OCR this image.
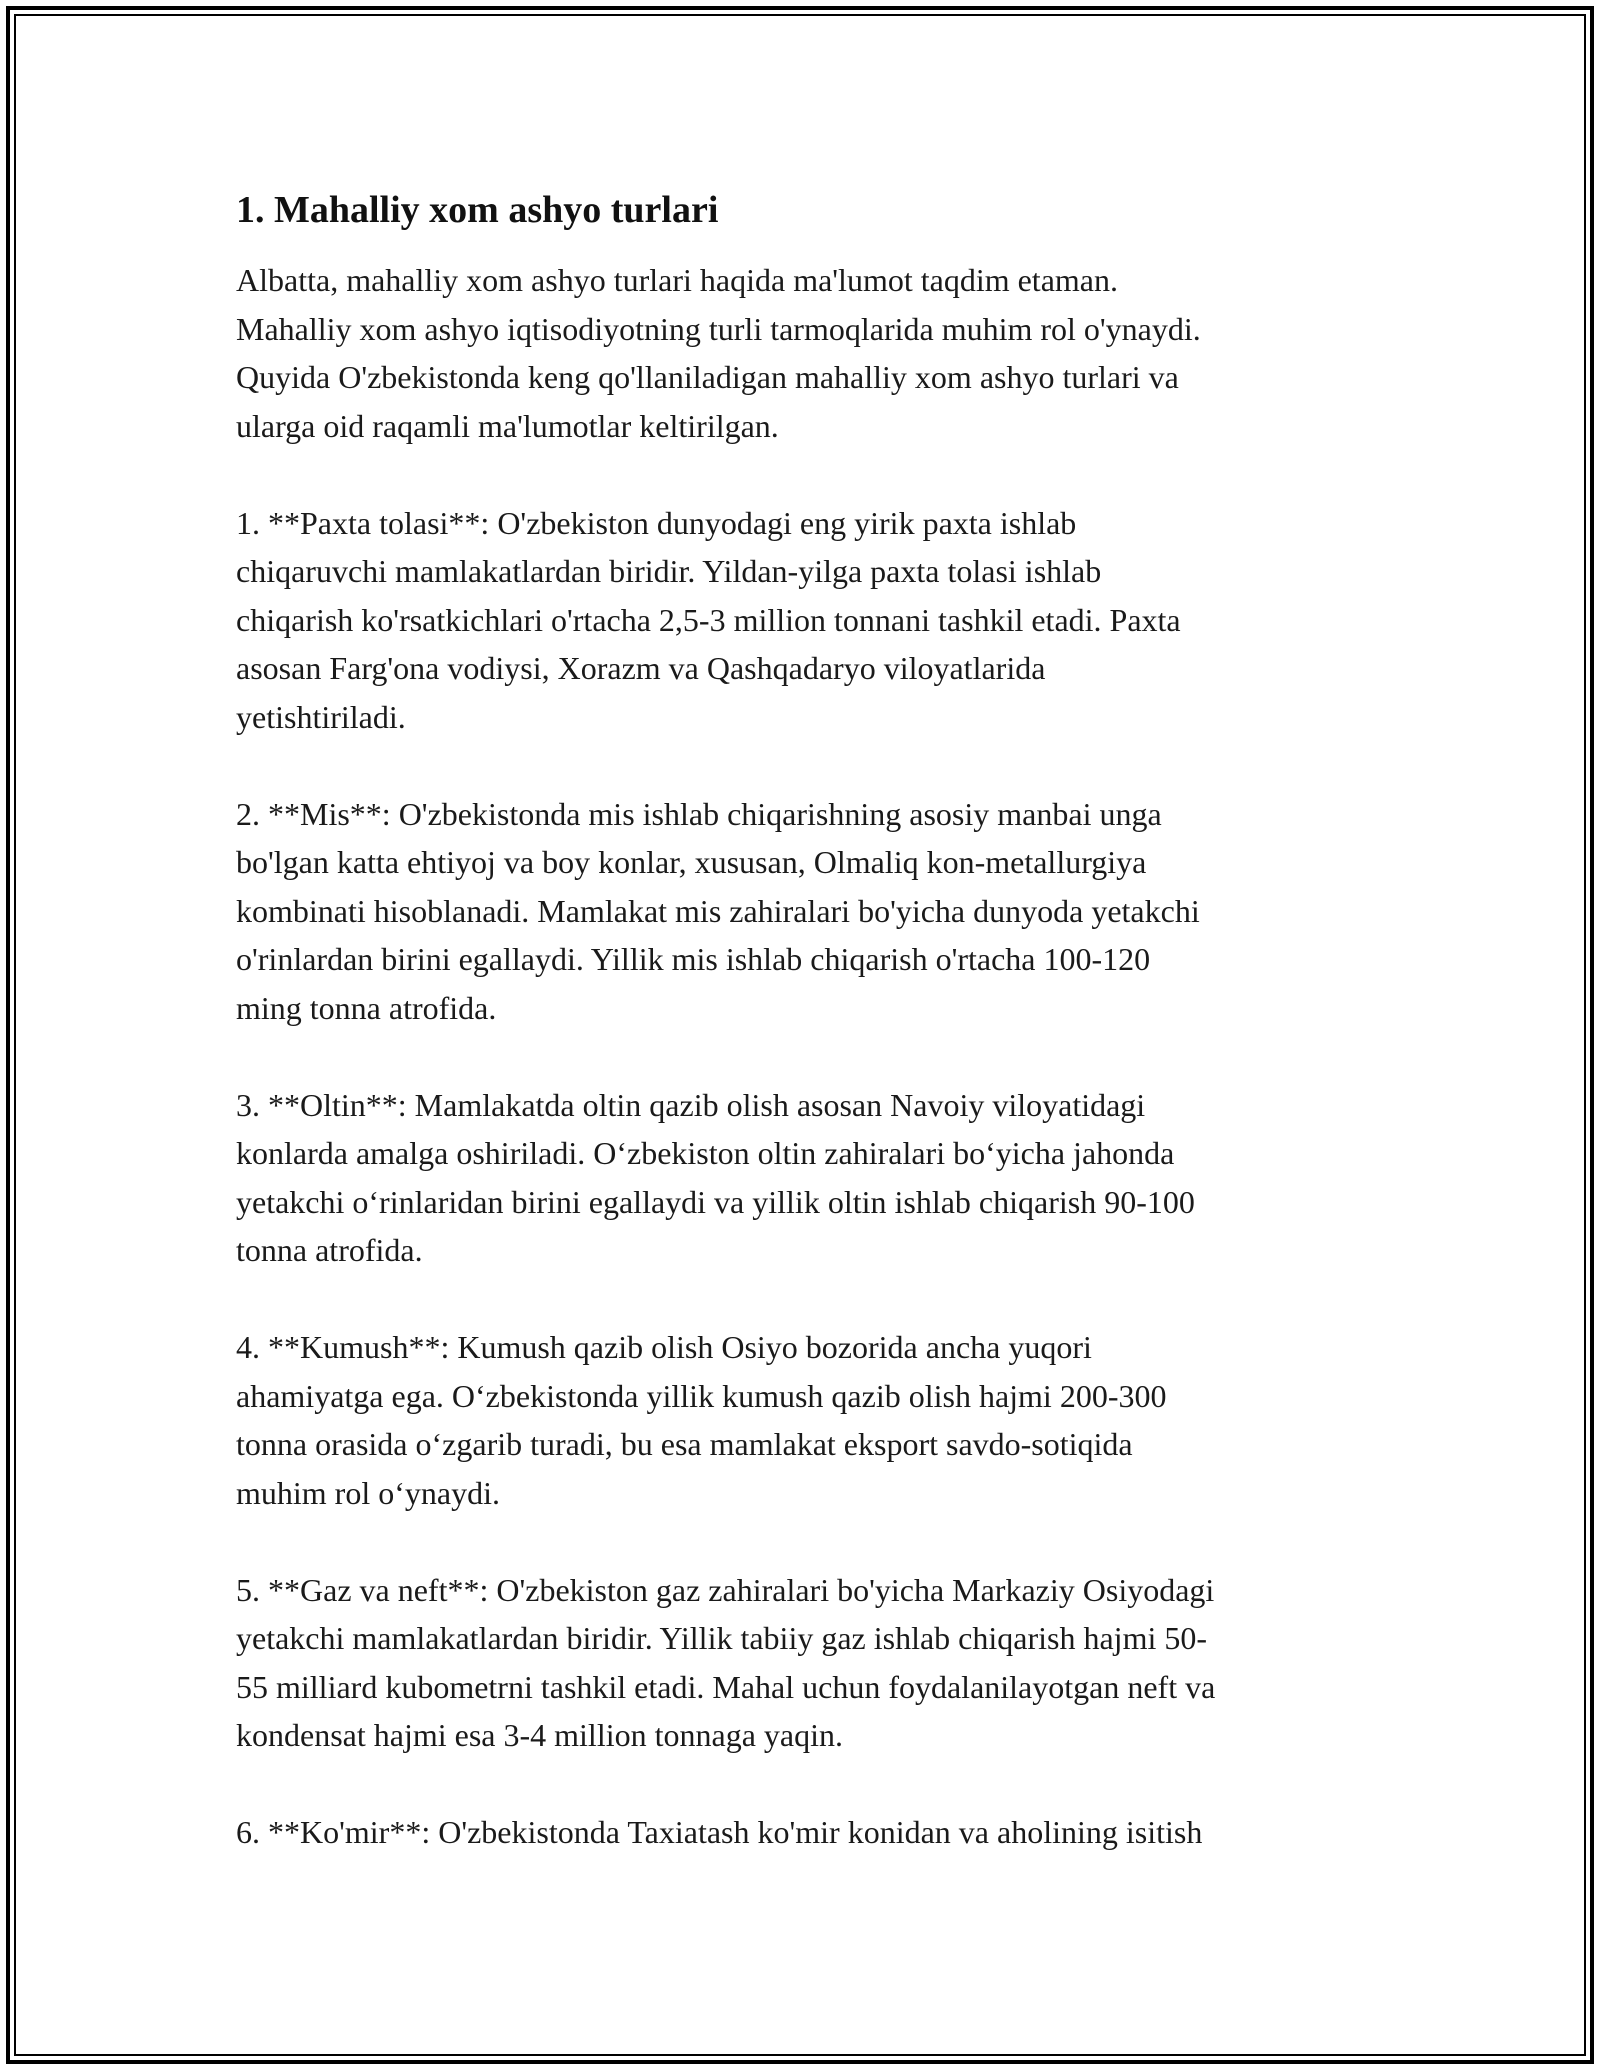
1. Mahalliy xom ashyo turlari
Albatta, mahalliy xom ashyo turlari haqida ma'lumot taqdim etaman.
Mahalliy xom ashyo iqtisodiyotning turli tarmoqlarida muhim rol o'ynaydi.
Quyida O'zbekistonda keng qo'llaniladigan mahalliy xom ashyo turlari va
ularga oid raqamli ma'lumotlar keltirilgan.
1. **Paxta tolasi**: O'zbekiston dunyodagi eng yirik paxta ishlab
chiqaruvchi mamlakatlardan biridir. Yildan-yilga paxta tolasi ishlab
chiqarish ko'rsatkichlari o'rtacha 2,5-3 million tonnani tashkil etadi. Paxta
asosan Farg'ona vodiysi, Xorazm va Qashqadaryo viloyatlarida
yetishtiriladi.
2. **Mis**: O'zbekistonda mis ishlab chiqarishning asosiy manbai unga
bo'lgan katta ehtiyoj va boy konlar, xususan, Olmaliq kon-metallurgiya
kombinati hisoblanadi. Mamlakat mis zahiralari bo'yicha dunyoda yetakchi
o'rinlardan birini egallaydi. Yillik mis ishlab chiqarish o'rtacha 100-120
ming tonna atrofida.
3. **Oltin**: Mamlakatda oltin qazib olish asosan Navoiy viloyatidagi
konlarda amalga oshiriladi. O‘zbekiston oltin zahiralari bo‘yicha jahonda
yetakchi o‘rinlaridan birini egallaydi va yillik oltin ishlab chiqarish 90-100
tonna atrofida.
4. **Kumush**: Kumush qazib olish Osiyo bozorida ancha yuqori
ahamiyatga ega. O‘zbekistonda yillik kumush qazib olish hajmi 200-300
tonna orasida o‘zgarib turadi, bu esa mamlakat eksport savdo-sotiqida
muhim rol o‘ynaydi.
5. **Gaz va neft**: O'zbekiston gaz zahiralari bo'yicha Markaziy Osiyodagi
yetakchi mamlakatlardan biridir. Yillik tabiiy gaz ishlab chiqarish hajmi 50-
55 milliard kubometrni tashkil etadi. Mahal uchun foydalanilayotgan neft va
kondensat hajmi esa 3-4 million tonnaga yaqin.
6. **Ko'mir**: O'zbekistonda Taxiatash ko'mir konidan va aholining isitish
